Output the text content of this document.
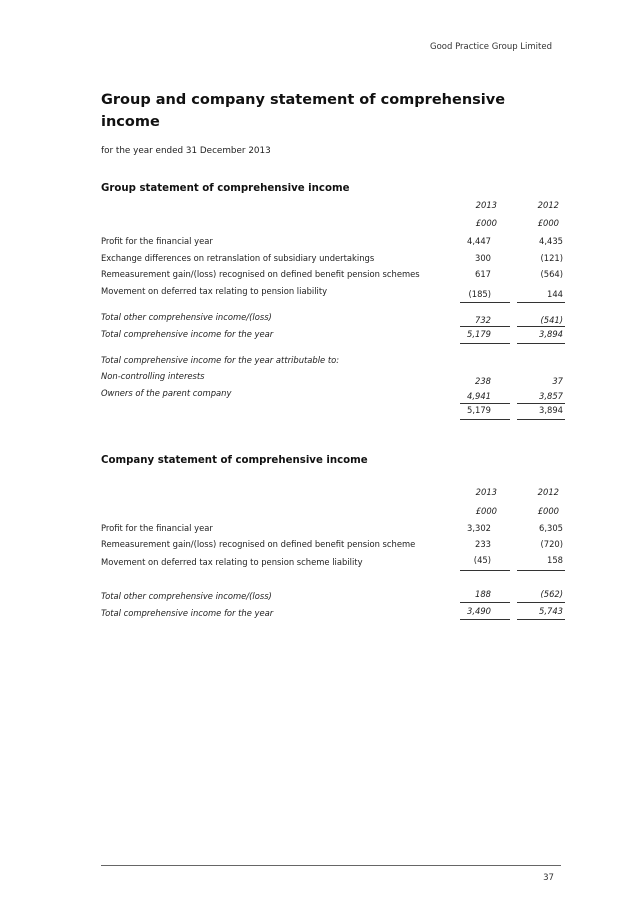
Good Practice Group Limited
Group and company statement of comprehensive income
for the year ended 31 December 2013
Group statement of comprehensive income
2013	2012
£000	£000
Profit for the financial year	4,447	4,435
Exchange differences on retranslation of subsidiary undertakings	300	(121)
Remeasurement gain/(loss) recognised on defined benefit pension schemes	617	(564)
Movement on deferred tax relating to pension liability	(185)	144
Total other comprehensive income/(loss)	732	(541)
Total comprehensive income for the year	5,179	3,894
Total comprehensive income for the year attributable to:
Non-controlling interests	238	37
Owners of the parent company	4,941	3,857
5,179	3,894
Company statement of comprehensive income
2013	2012
£000	£000
Profit for the financial year	3,302	6,305
Remeasurement gain/(loss) recognised on defined benefit pension scheme	233	(720)
Movement on deferred tax relating to pension scheme liability	(45)	158
Total other comprehensive income/(loss)	188	(562)
Total comprehensive income for the year	3,490	5,743
37
